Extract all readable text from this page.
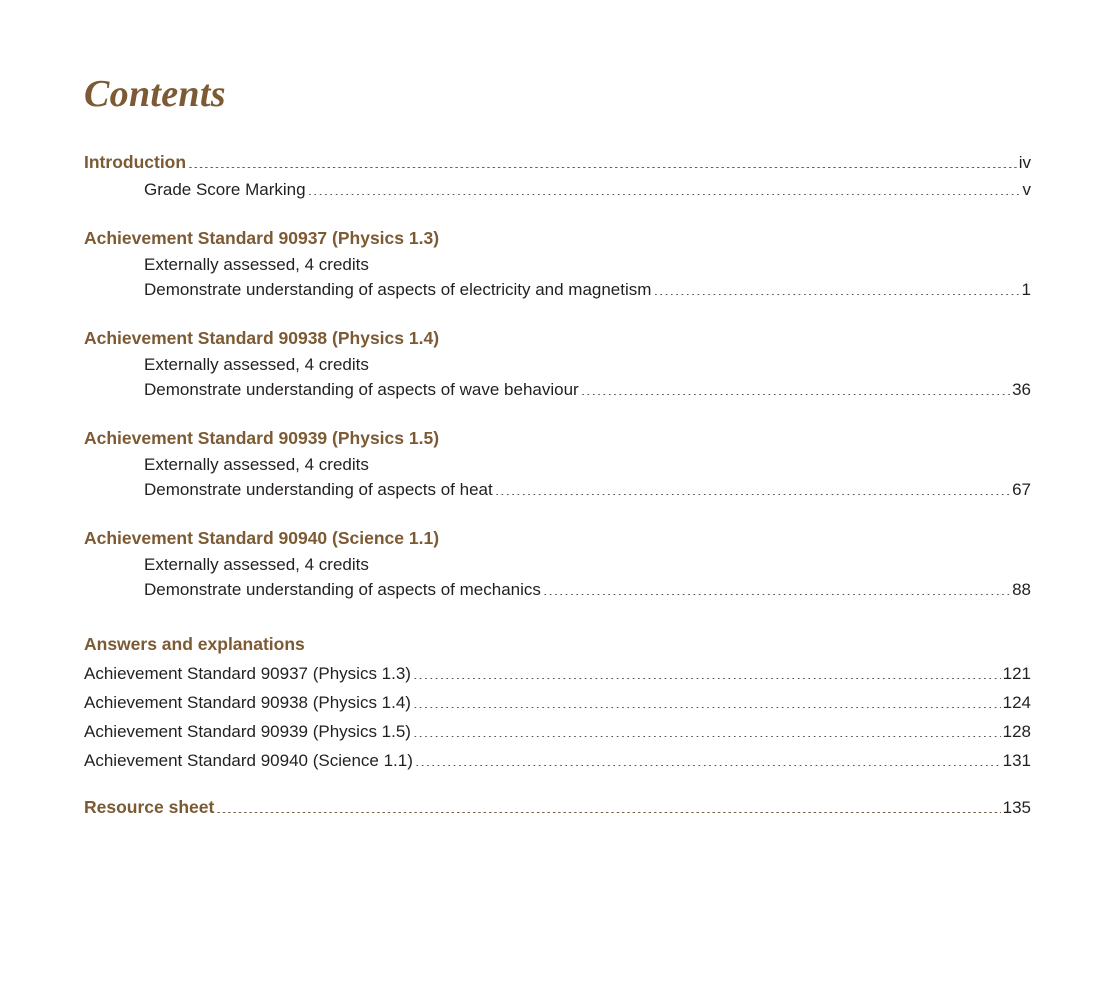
Contents
Introduction .....	iv
Grade Score Marking .....	v
Achievement Standard 90937 (Physics 1.3)
Externally assessed, 4 credits
Demonstrate understanding of aspects of electricity and magnetism .....	1
Achievement Standard 90938 (Physics 1.4)
Externally assessed, 4 credits
Demonstrate understanding of aspects of wave behaviour .....	36
Achievement Standard 90939 (Physics 1.5)
Externally assessed, 4 credits
Demonstrate understanding of aspects of heat .....	67
Achievement Standard 90940 (Science 1.1)
Externally assessed, 4 credits
Demonstrate understanding of aspects of mechanics .....	88
Answers and explanations
Achievement Standard 90937 (Physics 1.3) .....	121
Achievement Standard 90938 (Physics 1.4) .....	124
Achievement Standard 90939 (Physics 1.5) .....	128
Achievement Standard 90940 (Science 1.1) .....	131
Resource sheet .....	135
